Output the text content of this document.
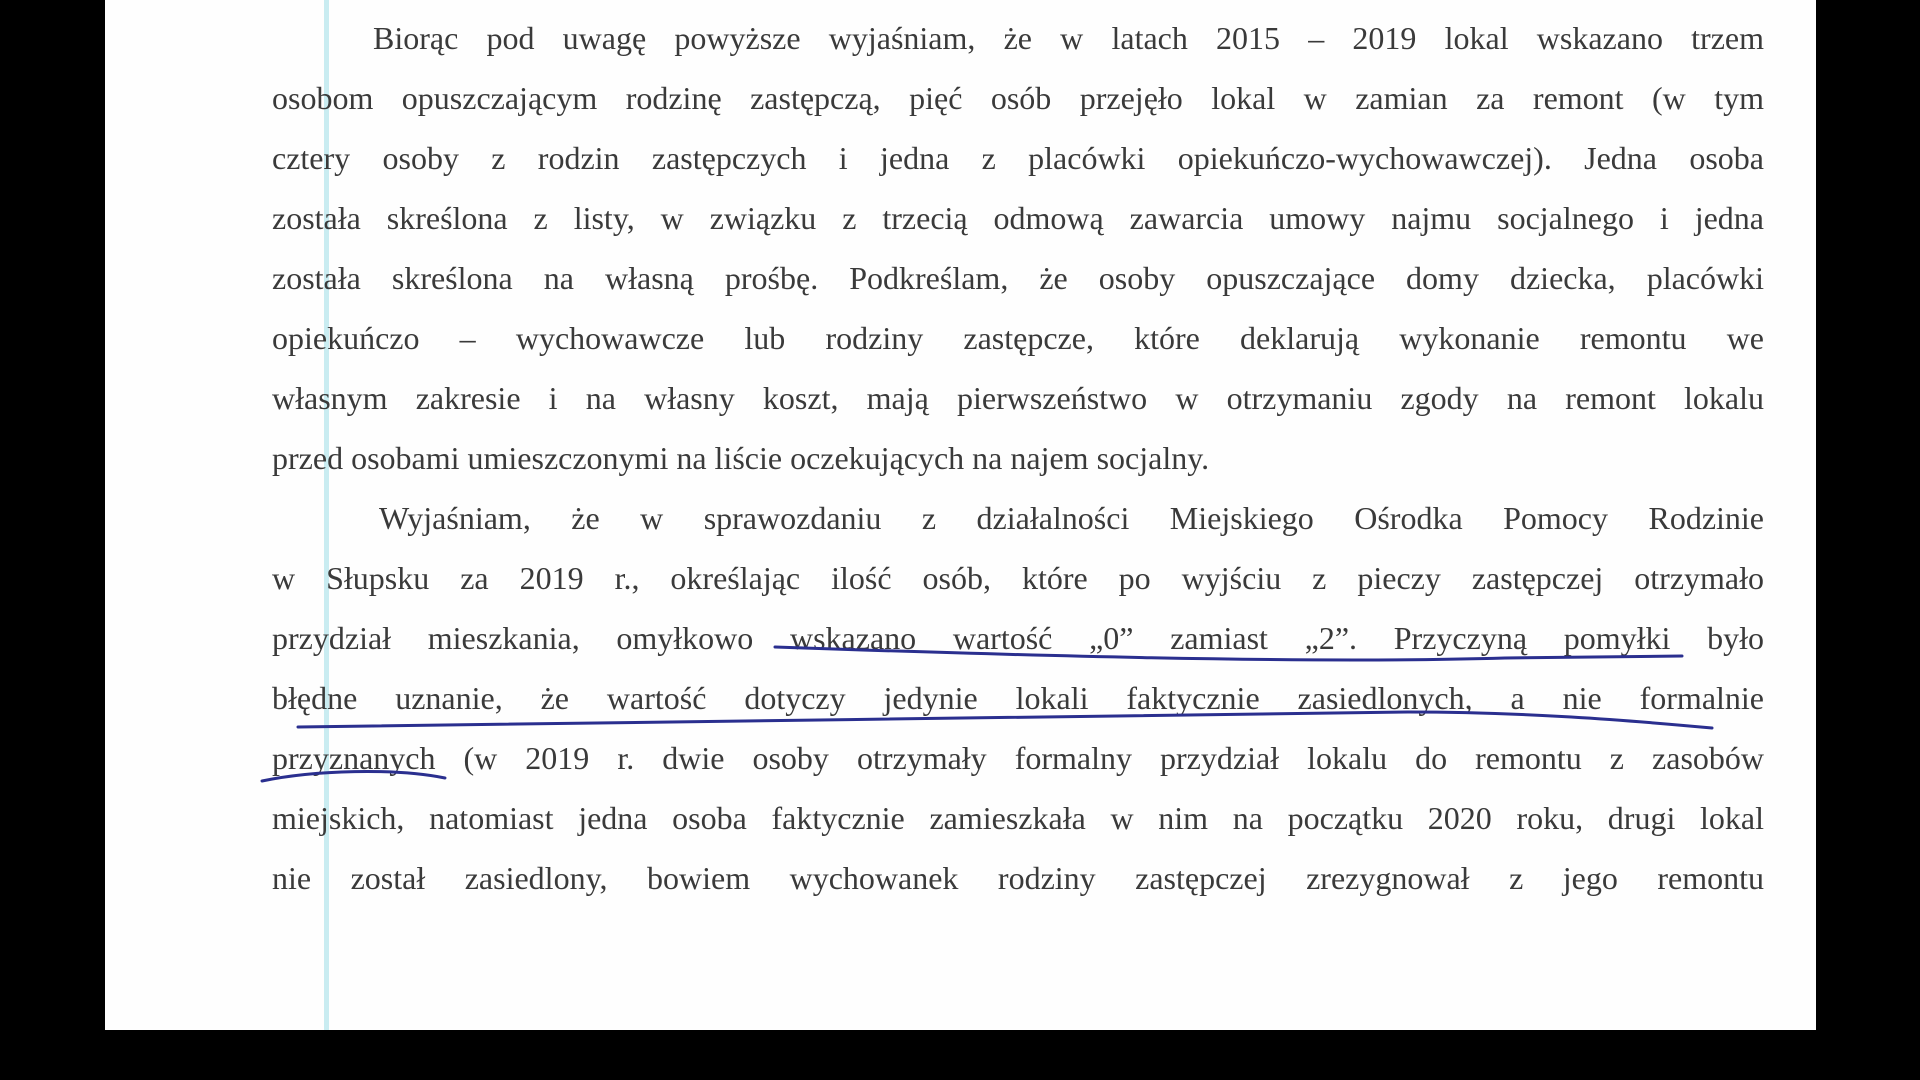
Biorąc pod uwagę powyższe wyjaśniam, że w latach 2015 – 2019 lokal wskazano trzem
osobom opuszczającym rodzinę zastępczą, pięć osób przejęło lokal w zamian za remont (w tym
cztery osoby z rodzin zastępczych i jedna z placówki opiekuńczo-wychowawczej). Jedna osoba
została skreślona z listy, w związku z trzecią odmową zawarcia umowy najmu socjalnego i jedna
została skreślona na własną prośbę. Podkreślam, że osoby opuszczające domy dziecka, placówki
opiekuńczo – wychowawcze lub rodziny zastępcze, które deklarują wykonanie remontu we
własnym zakresie i na własny koszt, mają pierwszeństwo w otrzymaniu zgody na remont lokalu
przed osobami umieszczonymi na liście oczekujących na najem socjalny.
Wyjaśniam, że w sprawozdaniu z działalności Miejskiego Ośrodka Pomocy Rodzinie
w Słupsku za 2019 r., określając ilość osób, które po wyjściu z pieczy zastępczej otrzymało
przydział mieszkania, omyłkowo wskazano wartość „0” zamiast „2”. Przyczyną pomyłki było
błędne uznanie, że wartość dotyczy jedynie lokali faktycznie zasiedlonych, a nie formalnie
przyznanych (w 2019 r. dwie osoby otrzymały formalny przydział lokalu do remontu z zasobów
miejskich, natomiast jedna osoba faktycznie zamieszkała w nim na początku 2020 roku, drugi lokal
nie został zasiedlony, bowiem wychowanek rodziny zastępczej zrezygnował z jego remontu
